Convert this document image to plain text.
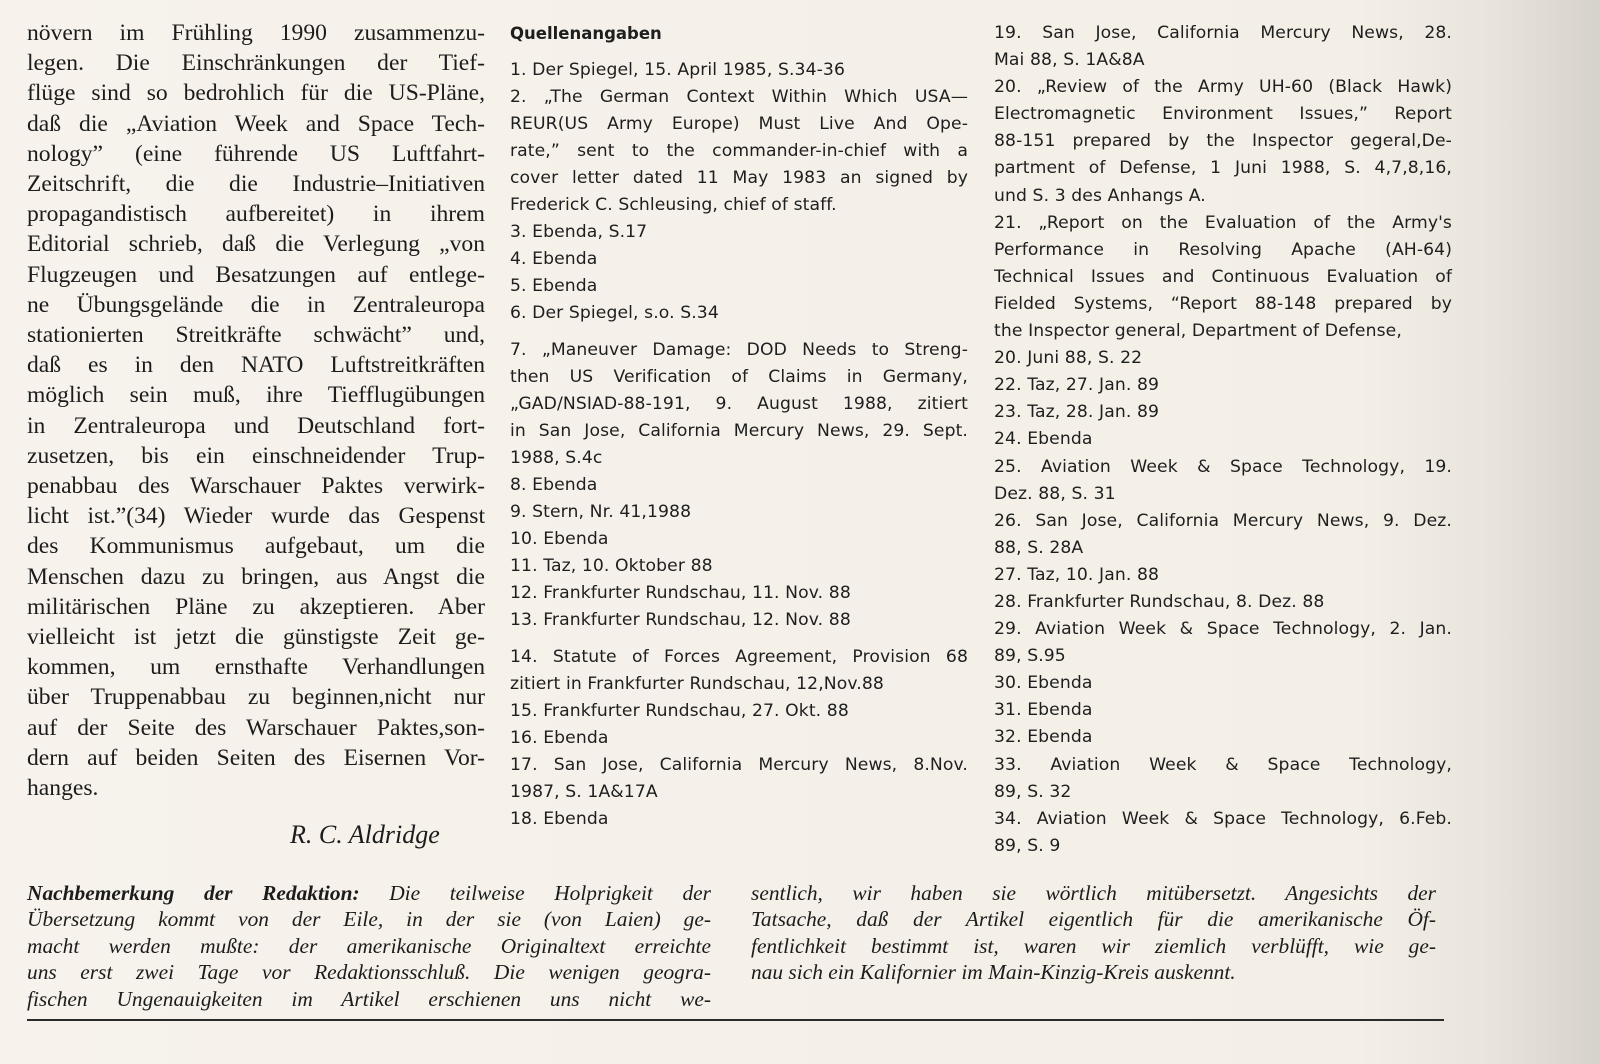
növern im Frühling 1990 zusammenzu-
legen. Die Einschränkungen der Tief-
flüge sind so bedrohlich für die US-Pläne,
daß die „Aviation Week and Space Tech-
nology” (eine führende US Luftfahrt-
Zeitschrift, die die Industrie–Initiativen
propagandistisch aufbereitet) in ihrem
Editorial schrieb, daß die Verlegung „von
Flugzeugen und Besatzungen auf entlege-
ne Übungsgelände die in Zentraleuropa
stationierten Streitkräfte schwächt” und,
daß es in den NATO Luftstreitkräften
möglich sein muß, ihre Tiefflugübungen
in Zentraleuropa und Deutschland fort-
zusetzen, bis ein einschneidender Trup-
penabbau des Warschauer Paktes verwirk-
licht ist.”(34) Wieder wurde das Gespenst
des Kommunismus aufgebaut, um die
Menschen dazu zu bringen, aus Angst die
militärischen Pläne zu akzeptieren. Aber
vielleicht ist jetzt die günstigste Zeit ge-
kommen, um ernsthafte Verhandlungen
über Truppenabbau zu beginnen,nicht nur
auf der Seite des Warschauer Paktes,son-
dern auf beiden Seiten des Eisernen Vor-
hanges.
R. C. Aldridge
Quellenangaben
1. Der Spiegel, 15. April 1985, S.34-36
2. „The German Context Within Which USA—
REUR(US Army Europe) Must Live And Ope-
rate,” sent to the commander-in-chief with a
cover letter dated 11 May 1983 an signed by
Frederick C. Schleusing, chief of staff.
3. Ebenda, S.17
4. Ebenda
5. Ebenda
6. Der Spiegel, s.o. S.34
7. „Maneuver Damage: DOD Needs to Streng-
then US Verification of Claims in Germany,
„GAD/NSIAD-88-191, 9. August 1988, zitiert
in San Jose, California Mercury News, 29. Sept.
1988, S.4c
8. Ebenda
9. Stern, Nr. 41,1988
10. Ebenda
11. Taz, 10. Oktober 88
12. Frankfurter Rundschau, 11. Nov. 88
13. Frankfurter Rundschau, 12. Nov. 88
14. Statute of Forces Agreement, Provision 68
zitiert in Frankfurter Rundschau, 12,Nov.88
15. Frankfurter Rundschau, 27. Okt. 88
16. Ebenda
17. San Jose, California Mercury News, 8.Nov.
1987, S. 1A&17A
18. Ebenda
19. San Jose, California Mercury News, 28.
Mai 88, S. 1A&8A
20. „Review of the Army UH-60 (Black Hawk)
Electromagnetic Environment Issues,” Report
88-151 prepared by the Inspector gegeral,De-
partment of Defense, 1 Juni 1988, S. 4,7,8,16,
und S. 3 des Anhangs A.
21. „Report on the Evaluation of the Army's
Performance in Resolving Apache (AH-64)
Technical Issues and Continuous Evaluation of
Fielded Systems, “Report 88-148 prepared by
the Inspector general, Department of Defense,
20. Juni 88, S. 22
22. Taz, 27. Jan. 89
23. Taz, 28. Jan. 89
24. Ebenda
25. Aviation Week & Space Technology, 19.
Dez. 88, S. 31
26. San Jose, California Mercury News, 9. Dez.
88, S. 28A
27. Taz, 10. Jan. 88
28. Frankfurter Rundschau, 8. Dez. 88
29. Aviation Week & Space Technology, 2. Jan.
89, S.95
30. Ebenda
31. Ebenda
32. Ebenda
33. Aviation Week & Space Technology,
89, S. 32
34. Aviation Week & Space Technology, 6.Feb.
89, S. 9
Nachbemerkung der Redaktion: Die teilweise Holprigkeit der
Übersetzung kommt von der Eile, in der sie (von Laien) ge-
macht werden mußte: der amerikanische Originaltext erreichte
uns erst zwei Tage vor Redaktionsschluß. Die wenigen geogra-
fischen Ungenauigkeiten im Artikel erschienen uns nicht we-
sentlich, wir haben sie wörtlich mitübersetzt. Angesichts der
Tatsache, daß der Artikel eigentlich für die amerikanische Öf-
fentlichkeit bestimmt ist, waren wir ziemlich verblüfft, wie ge-
nau sich ein Kalifornier im Main-Kinzig-Kreis auskennt.
